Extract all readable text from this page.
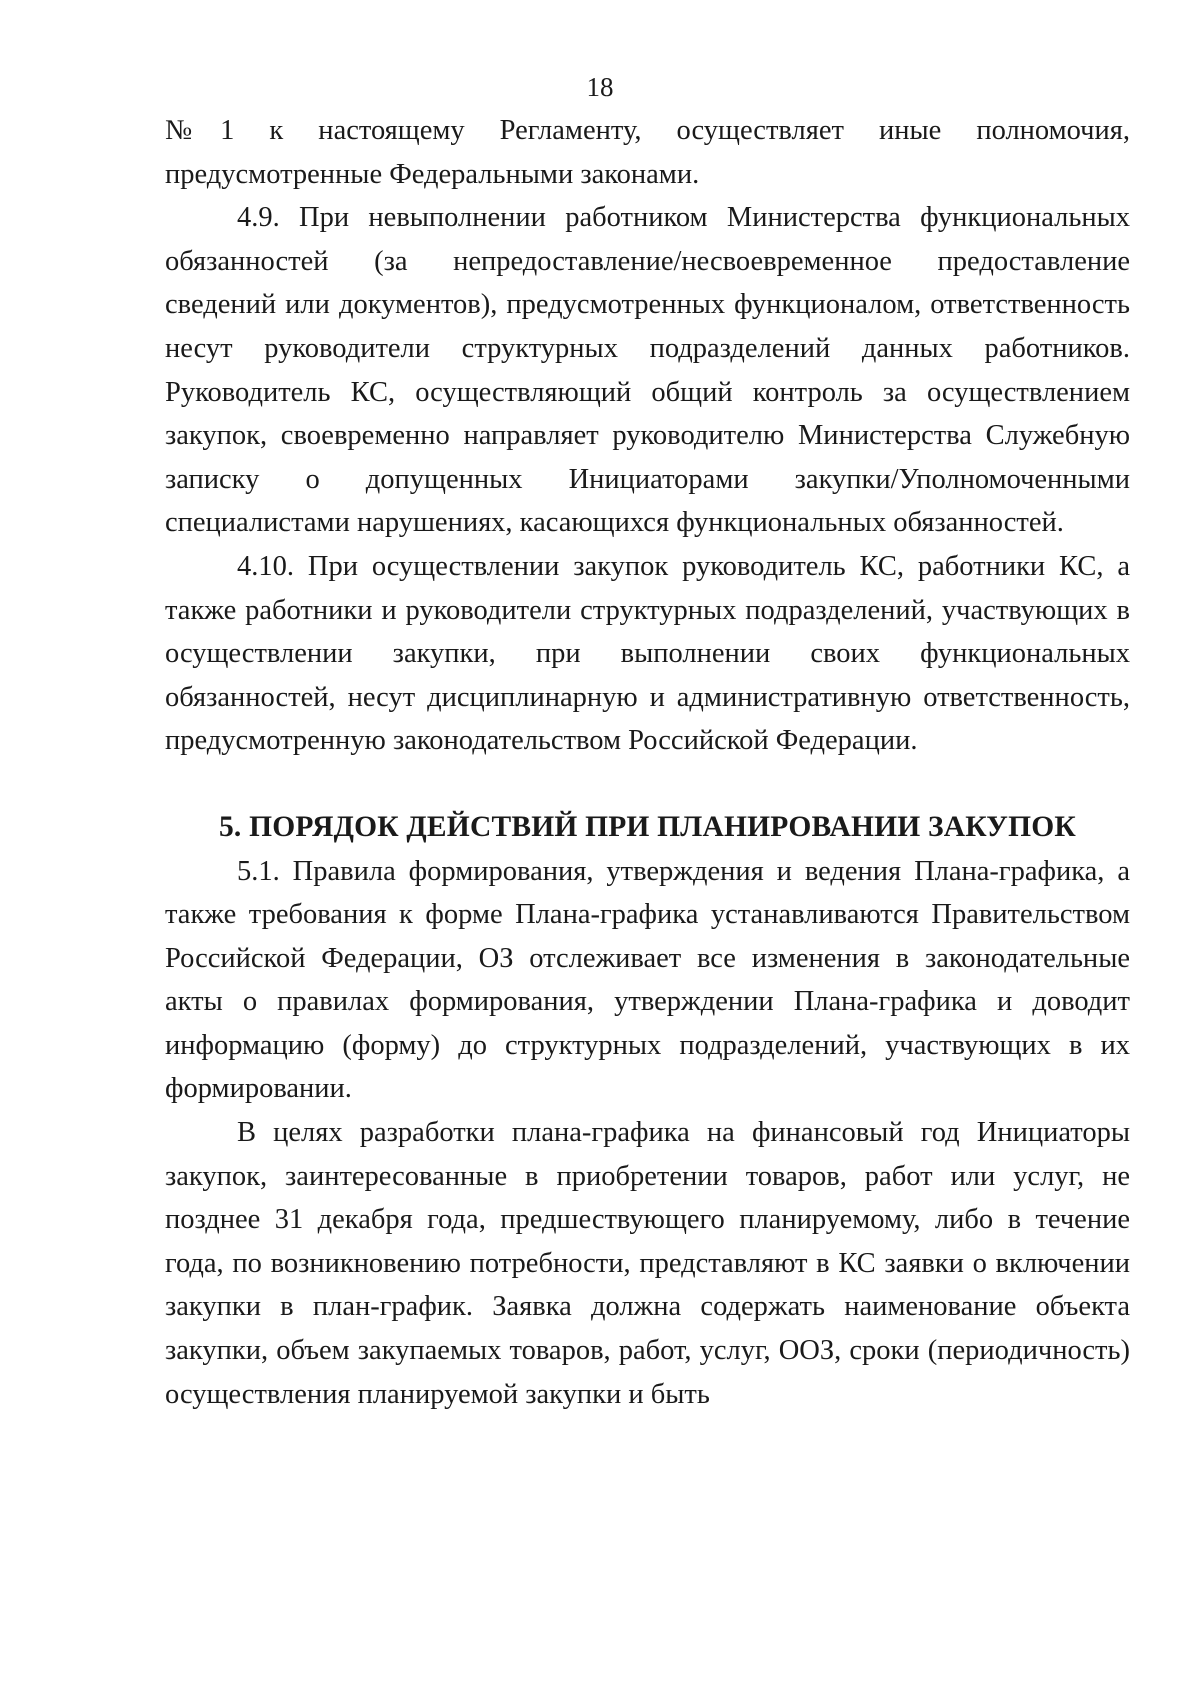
18

№1 к настоящему Регламенту, осуществляет иные полномочия, предусмотренные Федеральными законами.

4.9. При невыполнении работником Министерства функциональных обязанностей (за непредоставление/несвоевременное предоставление сведений или документов), предусмотренных функционалом, ответственность несут руководители структурных подразделений данных работников. Руководитель КС, осуществляющий общий контроль за осуществлением закупок, своевременно направляет руководителю Министерства Служебную записку о допущенных Инициаторами закупки/Уполномоченными специалистами нарушениях, касающихся функциональных обязанностей.

4.10. При осуществлении закупок руководитель КС, работники КС, а также работники и руководители структурных подразделений, участвующих в осуществлении закупки, при выполнении своих функциональных обязанностей, несут дисциплинарную и административную ответственность, предусмотренную законодательством Российской Федерации.

5. ПОРЯДОК ДЕЙСТВИЙ ПРИ ПЛАНИРОВАНИИ ЗАКУПОК

5.1. Правила формирования, утверждения и ведения Плана-графика, а также требования к форме Плана-графика устанавливаются Правительством Российской Федерации, ОЗ отслеживает все изменения в законодательные акты о правилах формирования, утверждении Плана-графика и доводит информацию (форму) до структурных подразделений, участвующих в их формировании.

В целях разработки плана-графика на финансовый год Инициаторы закупок, заинтересованные в приобретении товаров, работ или услуг, не позднее 31 декабря года, предшествующего планируемому, либо в течение года, по возникновению потребности, представляют в КС заявки о включении закупки в план-график. Заявка должна содержать наименование объекта закупки, объем закупаемых товаров, работ, услуг, ООЗ, сроки (периодичность) осуществления планируемой закупки и быть
